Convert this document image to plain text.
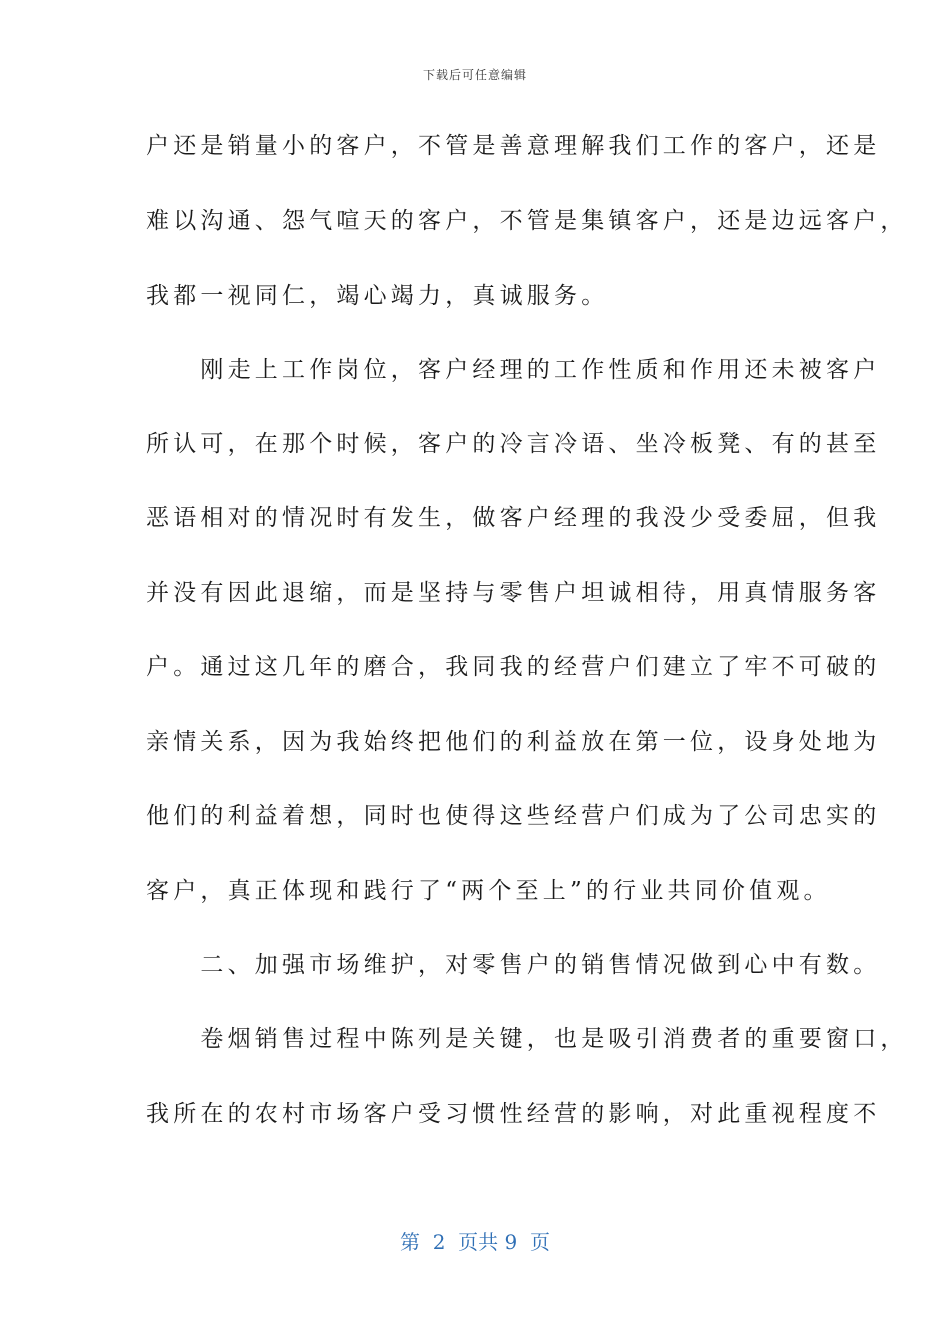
下载后可任意编辑
户还是销量小的客户，不管是善意理解我们工作的客户，还是
难以沟通、怨气喧天的客户，不管是集镇客户，还是边远客户，
我都一视同仁，竭心竭力，真诚服务。
　　刚走上工作岗位，客户经理的工作性质和作用还未被客户
所认可，在那个时候，客户的冷言冷语、坐冷板凳、有的甚至
恶语相对的情况时有发生，做客户经理的我没少受委屈，但我
并没有因此退缩，而是坚持与零售户坦诚相待，用真情服务客
户。通过这几年的磨合，我同我的经营户们建立了牢不可破的
亲情关系，因为我始终把他们的利益放在第一位，设身处地为
他们的利益着想，同时也使得这些经营户们成为了公司忠实的
客户，真正体现和践行了“两个至上”的行业共同价值观。
　　二、加强市场维护，对零售户的销售情况做到心中有数。
　　卷烟销售过程中陈列是关键，也是吸引消费者的重要窗口，
我所在的农村市场客户受习惯性经营的影响，对此重视程度不
第  2  页共 9  页
